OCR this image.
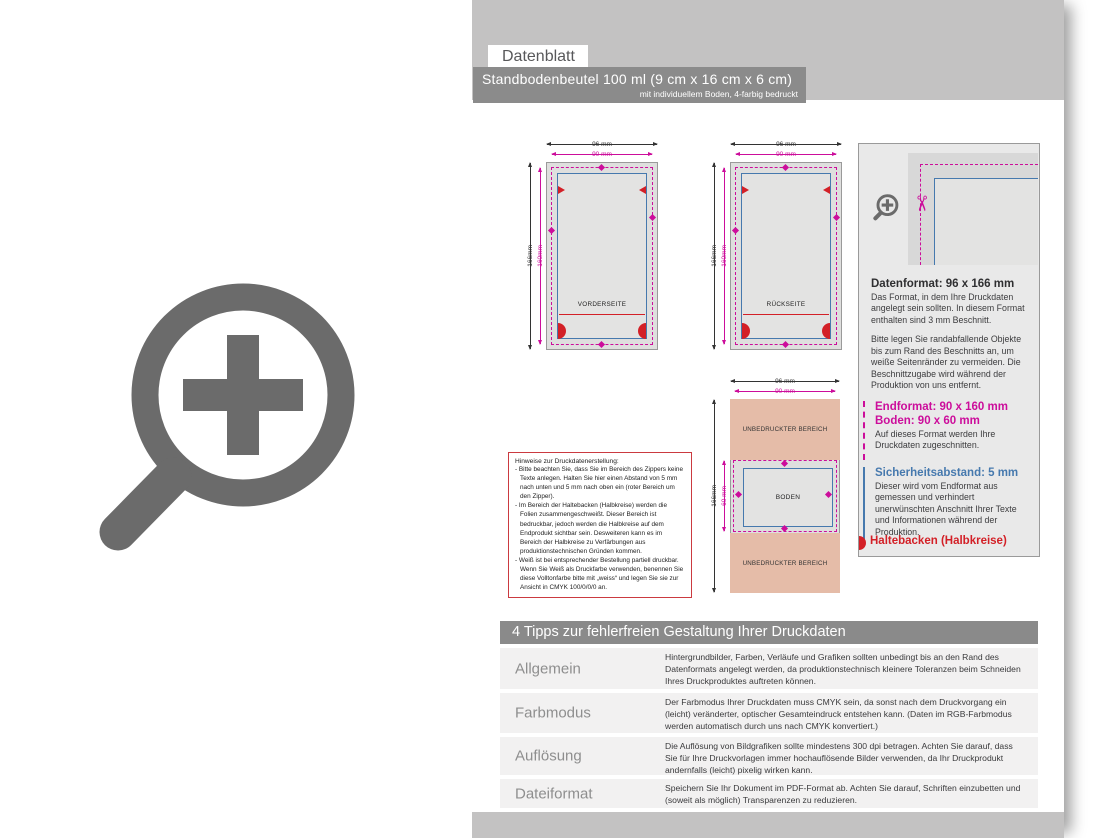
Datenblatt
Standbodenbeutel 100 ml (9 cm x 16 cm x 6 cm)
mit individuellem Boden, 4-farbig bedruckt
96 mm
90 mm
166mm 160mm
VORDERSEITE
96 mm
90 mm
166mm 160mm
RÜCKSEITE
✂
Datenformat: 96 x 166 mm

Das Format, in dem Ihre Druckdaten angelegt sein sollten. In diesem Format enthalten sind 3 mm Beschnitt.

Bitte legen Sie randabfallende Objekte bis zum Rand des Beschnitts an, um weiße Seitenränder zu vermeiden. Die Beschnittzugabe wird während der Produktion von uns entfernt.

Endformat: 90 x 160 mm
Boden: 90 x 60 mm

Auf dieses Format werden Ihre Druckdaten zugeschnitten.

Sicherheitsabstand: 5 mm

Dieser wird vom Endformat aus gemessen und verhindert unerwünschten Anschnitt Ihrer Texte und Informationen während der Produktion.

Haltebacken (Halbkreise)

Hinweise zur Druckdatenerstellung:

- Bitte beachten Sie, dass Sie im Bereich des Zippers keine Texte anlegen. Halten Sie hier einen Abstand von 5 mm nach unten und 5 mm nach oben ein (roter Bereich um den Zipper).
- Im Bereich der Haltebacken (Halbkreise) werden die Folien zusammengeschweißt. Dieser Bereich ist bedruckbar, jedoch werden die Halbkreise auf dem Endprodukt sichtbar sein. Desweiteren kann es im Bereich der Halbkreise zu Verfärbungen aus produktionstechnischen Gründen kommen.
- Weiß ist bei entsprechender Bestellung partiell druckbar. Wenn Sie Weiß als Druckfarbe verwenden, benennen Sie diese Volltonfarbe bitte mit „weiss“ und legen Sie sie zur Ansicht in CMYK 100/0/0/0 an.
96 mm
90 mm
166mm 60 mm
UNBEDRUCKTER BEREICH
UNBEDRUCKTER BEREICH
BODEN
4 Tipps zur fehlerfreien Gestaltung Ihrer Druckdaten
Allgemein
Hintergrundbilder, Farben, Verläufe und Grafiken sollten unbedingt bis an den Rand des Datenformats angelegt werden, da produktionstechnisch kleinere Toleranzen beim Schneiden Ihres Druckproduktes auftreten können.
Farbmodus
Der Farbmodus Ihrer Druckdaten muss CMYK sein, da sonst nach dem Druckvorgang ein (leicht) veränderter, optischer Gesamteindruck entstehen kann. (Daten im RGB-Farbmodus werden automatisch durch uns nach CMYK konvertiert.)
Auflösung
Die Auflösung von Bildgrafiken sollte mindestens 300 dpi betragen. Achten Sie darauf, dass Sie für Ihre Druckvorlagen immer hochauflösende Bilder verwenden, da Ihr Druckprodukt andernfalls (leicht) pixelig wirken kann.
Dateiformat	Speichern Sie Ihr Dokument im PDF-Format ab. Achten Sie darauf, Schriften einzubetten und (soweit als möglich) Transparenzen zu reduzieren.
